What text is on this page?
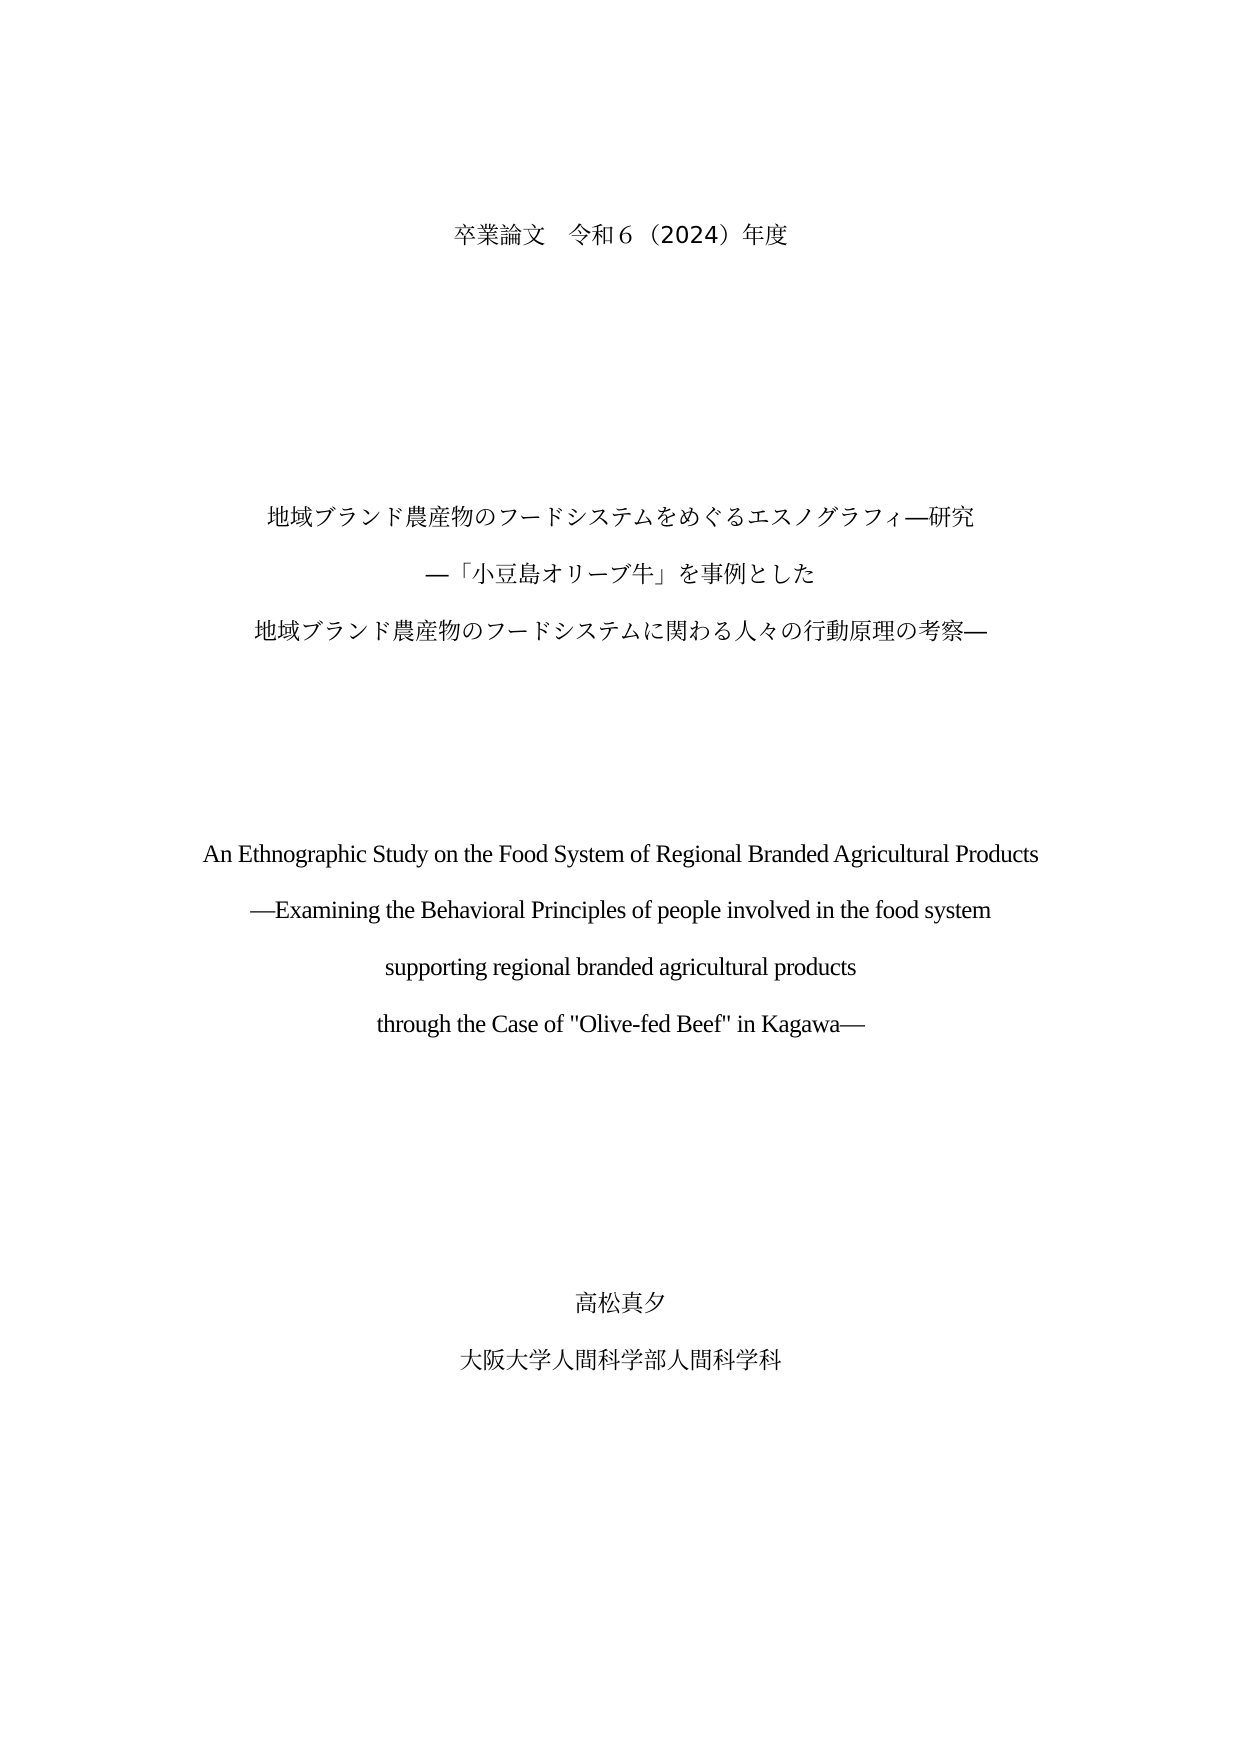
卒業論文　令和６（2024）年度
地域ブランド農産物のフードシステムをめぐるエスノグラフィ―研究
―「小豆島オリーブ牛」を事例とした
地域ブランド農産物のフードシステムに関わる人々の行動原理の考察―
An Ethnographic Study on the Food System of Regional Branded Agricultural Products
—Examining the Behavioral Principles of people involved in the food system
supporting regional branded agricultural products
through the Case of "Olive-fed Beef" in Kagawa—
高松真夕
大阪大学人間科学部人間科学科
